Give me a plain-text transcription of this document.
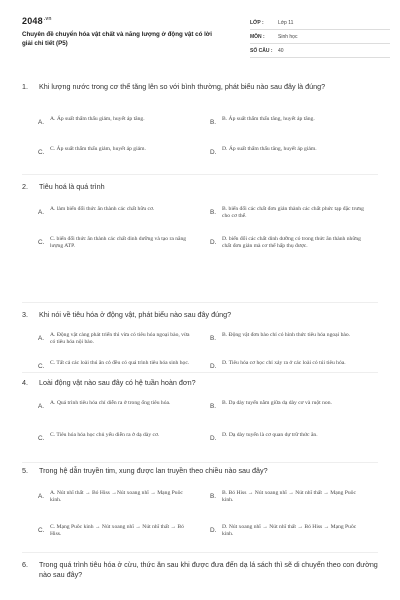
$2048^{.vn}$
Chuyên đề chuyển hóa vật chất và năng lượng ở động vật có lời giải chi tiết (P5)
LỚP :	Lớp 11
MÔN :	Sinh học
SỐ CÂU :	40
1.	Khi lượng nước trong cơ thể tăng lên so với bình thường, phát biểu nào sau đây là đúng?
A.	A. Áp suất thẩm thấu giảm, huyết áp tăng.	B.	B. Áp suất thẩm thấu tăng, huyết áp tăng.
C. C. Áp suất thẩm thấu giảm, huyết áp giảm.	D. D. Áp suất thẩm thấu tăng, huyết áp giảm.
2.	Tiêu hoá là quá trình
A.	A. làm biến đổi thức ăn thành các chất hữu cơ.	B.	B. biến đổi các chất đơn giản thành các chất phức tạp đặc trưng cho cơ thể.
C. C. biến đổi thức ăn thành các chất dinh dưỡng và tạo ra năng lượng ATP.
D. D. biến đổi các chất dinh dưỡng có trong thức ăn thành những chất đơn giản mà cơ thể hấp thụ được.
3.	Khi nói về tiêu hóa ở động vật, phát biểu nào sau đây đúng?
A.	A. Động vật càng phát triển thì vừa có tiêu hóa ngoại bào, vừa có tiêu hóa nội bào.
B.	B. Động vật đơn bào chỉ có hình thức tiêu hóa ngoại bào.
C. C. Tất cả các loài thú ăn cỏ đều có quá trình tiêu hóa sinh học.	D. D. Tiêu hóa cơ học chỉ xảy ra ở các loài có túi tiêu hóa.
4.	Loài động vật nào sau đây có hệ tuần hoàn đơn?
A.	A. Quá trình tiêu hóa chỉ diễn ra ở trong ống tiêu hóa.	B.	B. Dạ dày tuyến nằm giữa dạ dày cơ và ruột non.
C. C. Tiêu hóa hóa học chủ yếu diễn ra ở dạ dày cơ.	D. D. Dạ dày tuyến là cơ quan dự trữ thức ăn.
5.	Trong hệ dẫn truyền tim, xung được lan truyền theo chiều nào sau đây?
A.	A. Nút nhĩ thất → Bó Hiss →Nút xoang nhĩ → Mạng Puôc kinh.
B.	B. Bó Hiss → Nút xoang nhĩ → Nút nhĩ thất → Mạng Puôc kinh.
C. C. Mạng Puôc kinh → Nút xoang nhĩ → Nút nhĩ thất → Bó Hiss.
D. D. Nút xoang nhĩ → Nút nhĩ thất → Bó Hiss → Mạng Puôc kinh.
6.	Trong quá trình tiêu hóa ở cừu, thức ăn sau khi được đưa đến dạ lá sách thì sẽ di chuyển theo con đường nào sau đây?
